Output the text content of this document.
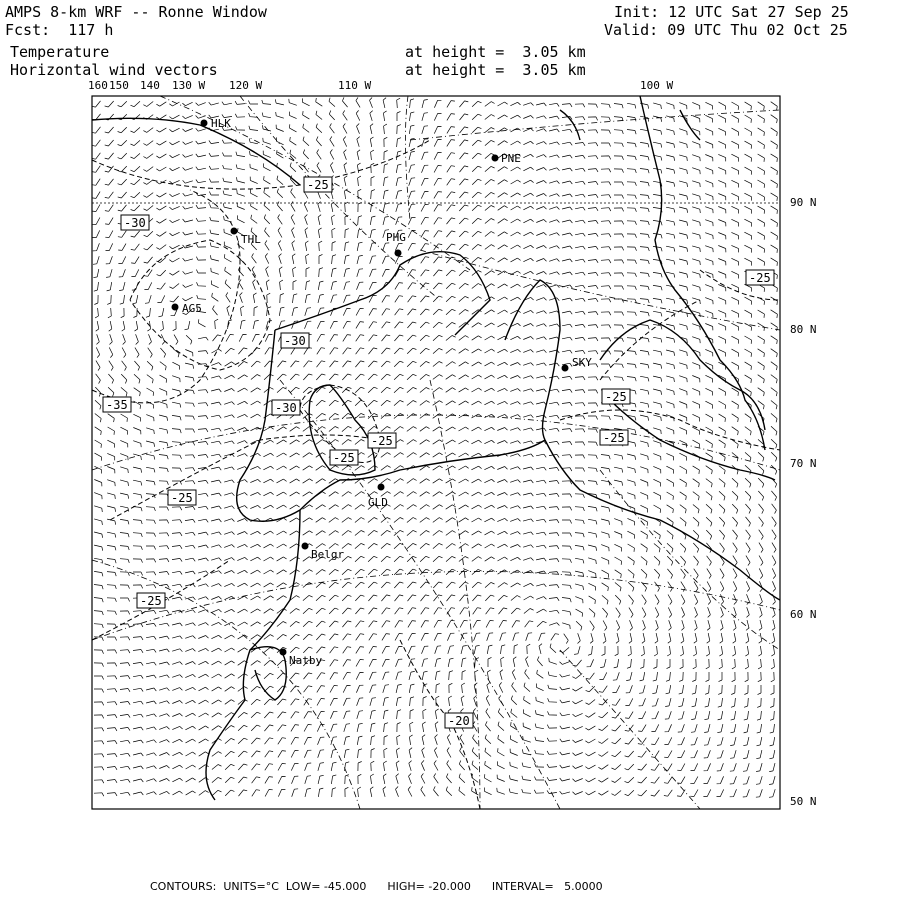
AMPS 8-km WRF -- Ronne Window
Fcst:  117 h
Temperature
Horizontal wind vectors
at height =  3.05 km
at height =  3.05 km
Init: 12 UTC Sat 27 Sep 25
Valid: 09 UTC Thu 02 Oct 25
160 150 140 130 W 120 W	110 W	100 W
90 N
80 N
70 N
60 N
50 N
HLK
PNE
THL	PHG
AG5
SKY
GLD
Belgr
Natby
-25
-30
-35
-30
-30
-25
-25
-25
-25
-25
-25
-25
-20
CONTOURS:  UNITS=°C  LOW= -45.000      HIGH= -20.000      INTERVAL=   5.0000
